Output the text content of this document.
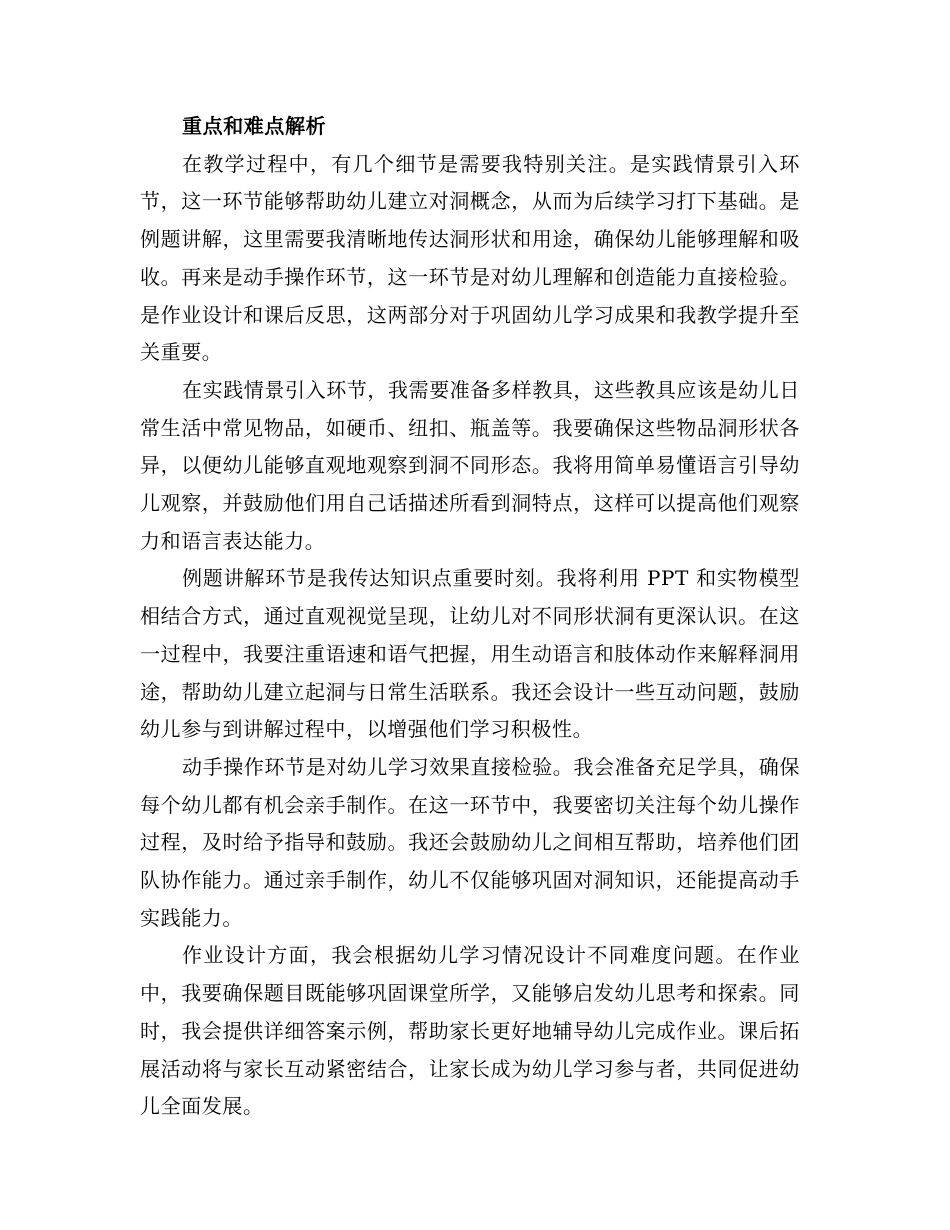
重点和难点解析

在教学过程中，有几个细节是需要我特别关注。是实践情景引入环节，这一环节能够帮助幼儿建立对洞概念，从而为后续学习打下基础。是例题讲解，这里需要我清晰地传达洞形状和用途，确保幼儿能够理解和吸收。再来是动手操作环节，这一环节是对幼儿理解和创造能力直接检验。是作业设计和课后反思，这两部分对于巩固幼儿学习成果和我教学提升至关重要。

在实践情景引入环节，我需要准备多样教具，这些教具应该是幼儿日常生活中常见物品，如硬币、纽扣、瓶盖等。我要确保这些物品洞形状各异，以便幼儿能够直观地观察到洞不同形态。我将用简单易懂语言引导幼儿观察，并鼓励他们用自己话描述所看到洞特点，这样可以提高他们观察力和语言表达能力。

例题讲解环节是我传达知识点重要时刻。我将利用 PPT 和实物模型相结合方式，通过直观视觉呈现，让幼儿对不同形状洞有更深认识。在这一过程中，我要注重语速和语气把握，用生动语言和肢体动作来解释洞用途，帮助幼儿建立起洞与日常生活联系。我还会设计一些互动问题，鼓励幼儿参与到讲解过程中，以增强他们学习积极性。

动手操作环节是对幼儿学习效果直接检验。我会准备充足学具，确保每个幼儿都有机会亲手制作。在这一环节中，我要密切关注每个幼儿操作过程，及时给予指导和鼓励。我还会鼓励幼儿之间相互帮助，培养他们团队协作能力。通过亲手制作，幼儿不仅能够巩固对洞知识，还能提高动手实践能力。

作业设计方面，我会根据幼儿学习情况设计不同难度问题。在作业中，我要确保题目既能够巩固课堂所学，又能够启发幼儿思考和探索。同时，我会提供详细答案示例，帮助家长更好地辅导幼儿完成作业。课后拓展活动将与家长互动紧密结合，让家长成为幼儿学习参与者，共同促进幼儿全面发展。
